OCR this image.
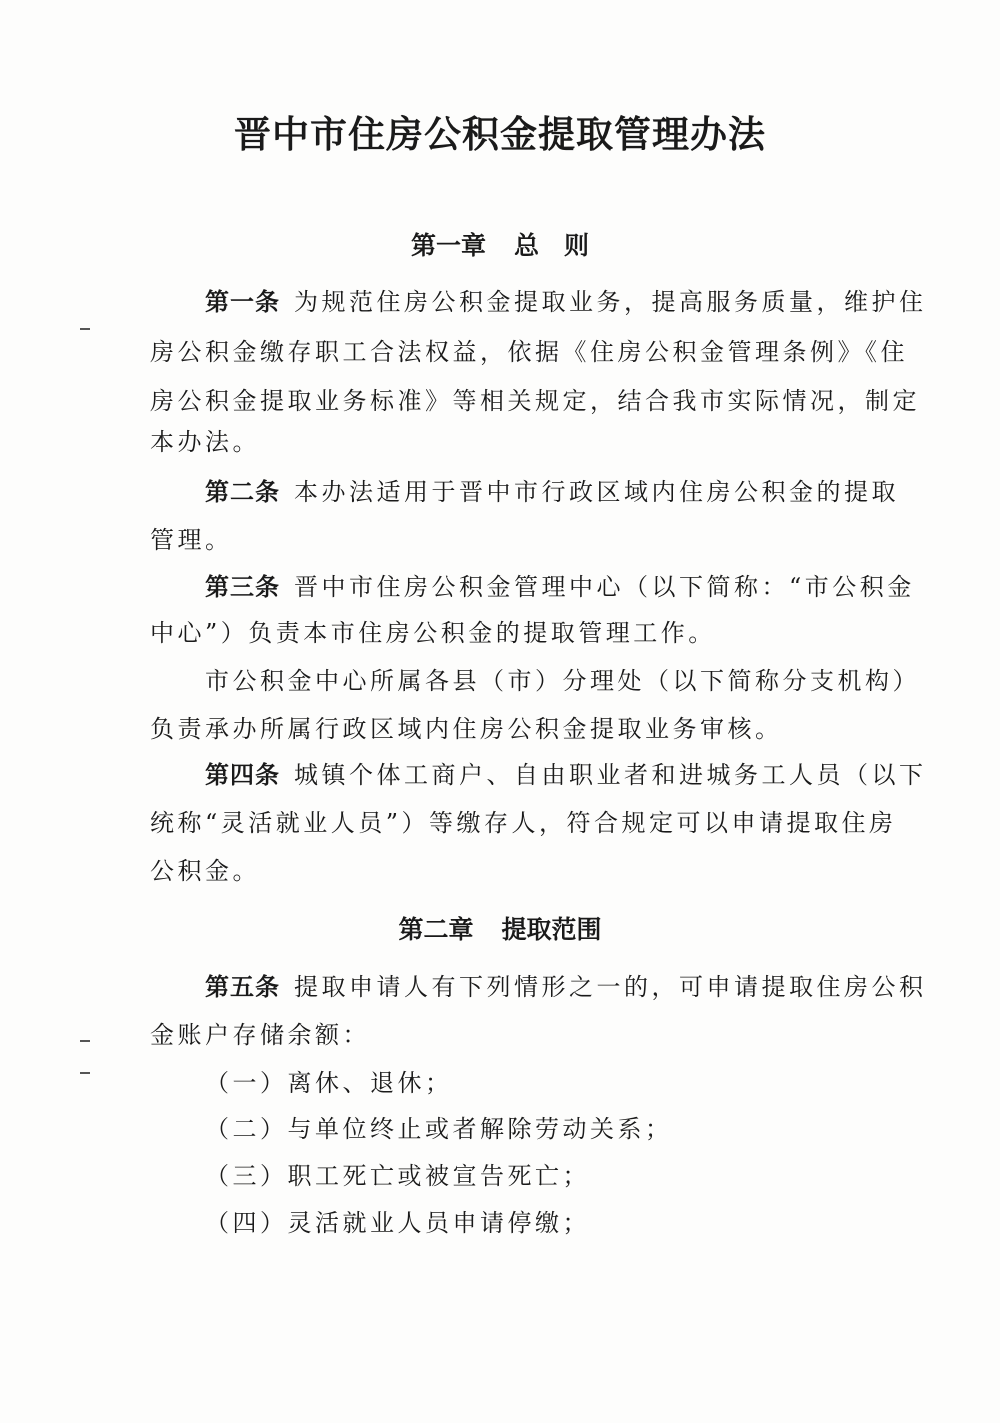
晋中市住房公积金提取管理办法
第一章 总　则
第一条 为规范住房公积金提取业务，提高服务质量，维护住
房公积金缴存职工合法权益，依据《住房公积金管理条例》《住
房公积金提取业务标准》等相关规定，结合我市实际情况，制定
本办法。
第二条 本办法适用于晋中市行政区域内住房公积金的提取
管理。
第三条 晋中市住房公积金管理中心（以下简称：“市公积金
中心”）负责本市住房公积金的提取管理工作。
市公积金中心所属各县（市）分理处（以下简称分支机构）
负责承办所属行政区域内住房公积金提取业务审核。
第四条 城镇个体工商户、自由职业者和进城务工人员（以下
统称“灵活就业人员”）等缴存人，符合规定可以申请提取住房
公积金。
第二章 提取范围
第五条 提取申请人有下列情形之一的，可申请提取住房公积
金账户存储余额：
（一）离休、退休；
（二）与单位终止或者解除劳动关系；
（三）职工死亡或被宣告死亡；
（四）灵活就业人员申请停缴；
